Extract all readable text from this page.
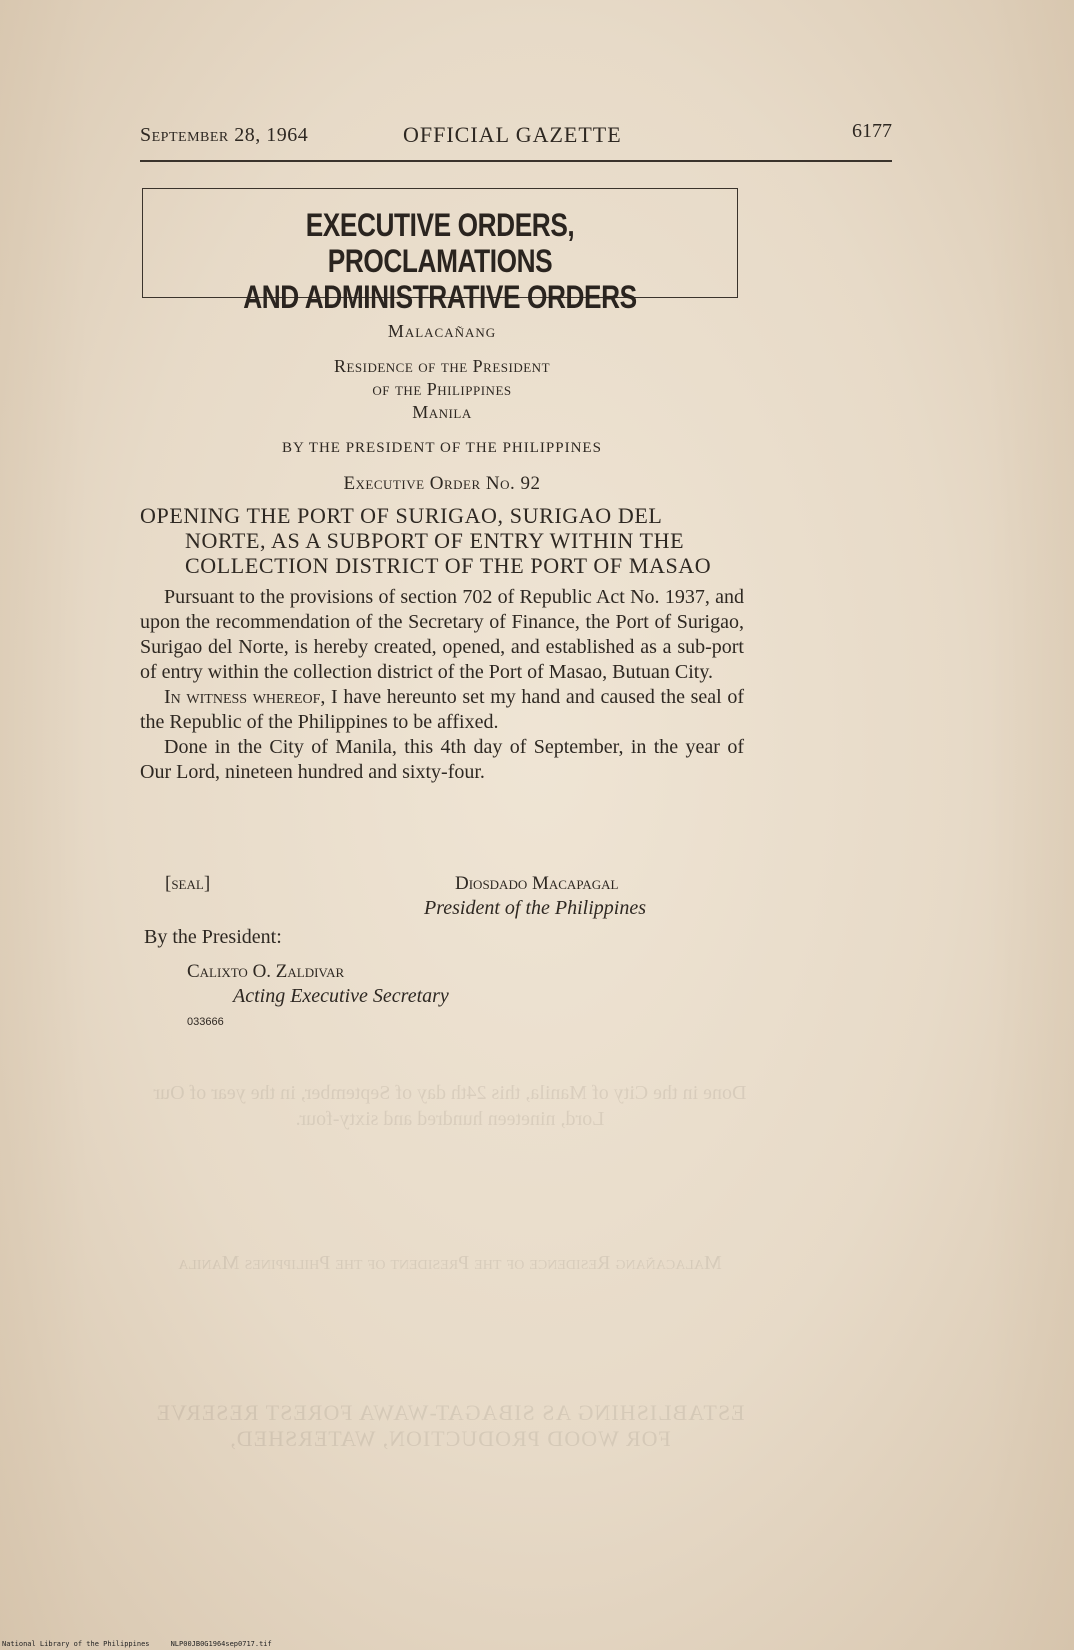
September 28, 1964	OFFICIAL GAZETTE	6177
Done in the City of Manila, this 24th day of September, in the year of Our Lord, nineteen hundred and sixty-four.
Malacañang Residence of the President of the Philippines Manila
ESTABLISHING AS SIBAGAT-WAWA FOREST RESERVE FOR WOOD PRODUCTION, WATERSHED,
EXECUTIVE ORDERS, PROCLAMATIONS
AND ADMINISTRATIVE ORDERS
Malacañang
Residence of the President
of the Philippines
Manila
BY THE PRESIDENT OF THE PHILIPPINES
Executive Order No. 92
OPENING THE PORT OF SURIGAO, SURIGAO DEL
NORTE, AS A SUBPORT OF ENTRY WITHIN THE
COLLECTION DISTRICT OF THE PORT OF MASAO

Pursuant to the provisions of section 702 of Republic Act No. 1937, and upon the recommendation of the Secretary of Finance, the Port of Surigao, Surigao del Norte, is hereby created, opened, and established as a sub-port of entry within the collection district of the Port of Masao, Butuan City.

In witness whereof, I have hereunto set my hand and caused the seal of the Republic of the Philippines to be affixed.

Done in the City of Manila, this 4th day of September, in the year of Our Lord, nineteen hundred and sixty-four.

[seal]	Diosdado Macapagal
President of the Philippines
By the President:
Calixto O. Zaldivar
Acting Executive Secretary
033666
National Library of the Philippines	NLP00JB0G1964sep0717.tif
